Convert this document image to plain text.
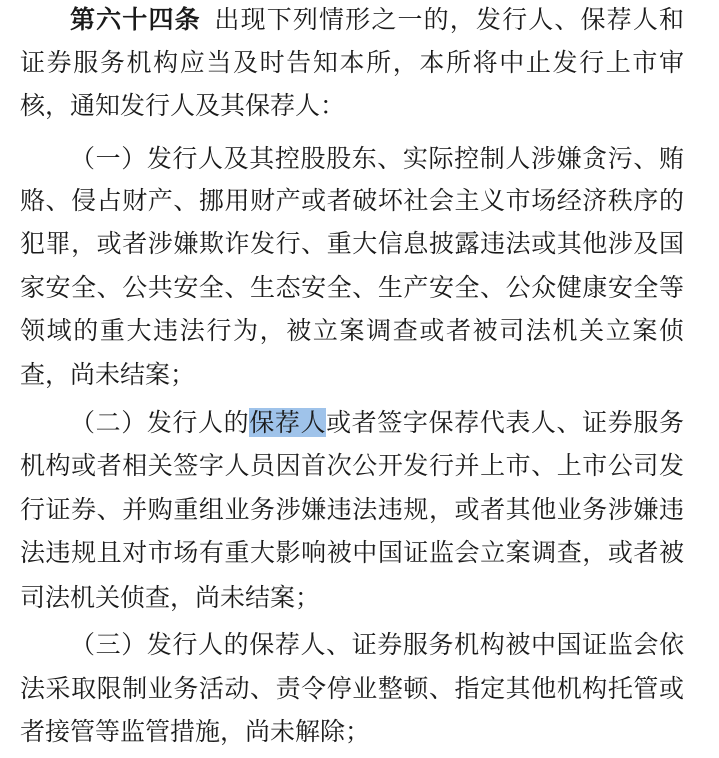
第六十四条  出现下列情形之一的，发行人、保荐人和
证券服务机构应当及时告知本所，本所将中止发行上市审
核，通知发行人及其保荐人：
（一）发行人及其控股股东、实际控制人涉嫌贪污、贿
赂、侵占财产、挪用财产或者破坏社会主义市场经济秩序的
犯罪，或者涉嫌欺诈发行、重大信息披露违法或其他涉及国
家安全、公共安全、生态安全、生产安全、公众健康安全等
领域的重大违法行为，被立案调查或者被司法机关立案侦
查，尚未结案；
（二）发行人的保荐人或者签字保荐代表人、证券服务
机构或者相关签字人员因首次公开发行并上市、上市公司发
行证券、并购重组业务涉嫌违法违规，或者其他业务涉嫌违
法违规且对市场有重大影响被中国证监会立案调查，或者被
司法机关侦查，尚未结案；
（三）发行人的保荐人、证券服务机构被中国证监会依
法采取限制业务活动、责令停业整顿、指定其他机构托管或
者接管等监管措施，尚未解除；
